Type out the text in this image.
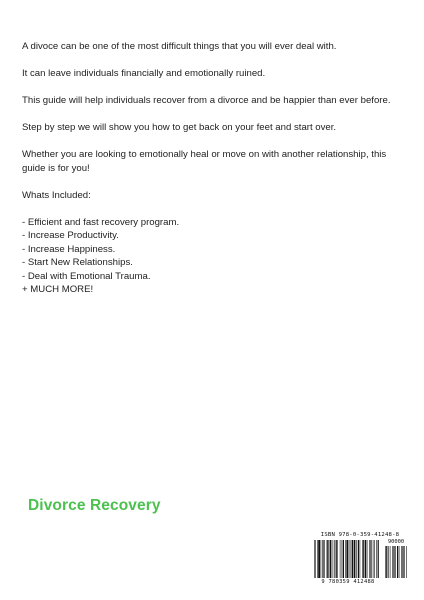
A divoce can be one of the most difficult things that you will ever deal with.

It can leave individuals financially and emotionally ruined.

This guide will help individuals recover from a divorce and be happier than ever before.

Step by step we will show you how to get back on your feet and start over.

Whether you are looking to emotionally heal or move on with another relationship, this guide is for you!

Whats Included:

- Efficient and fast recovery program.
- Increase Productivity.
- Increase Happiness.
- Start New Relationships.
- Deal with Emotional Trauma.
+ MUCH MORE!
Divorce Recovery
ISBN 978-0-359-41248-8
90000
9 780359 412488
